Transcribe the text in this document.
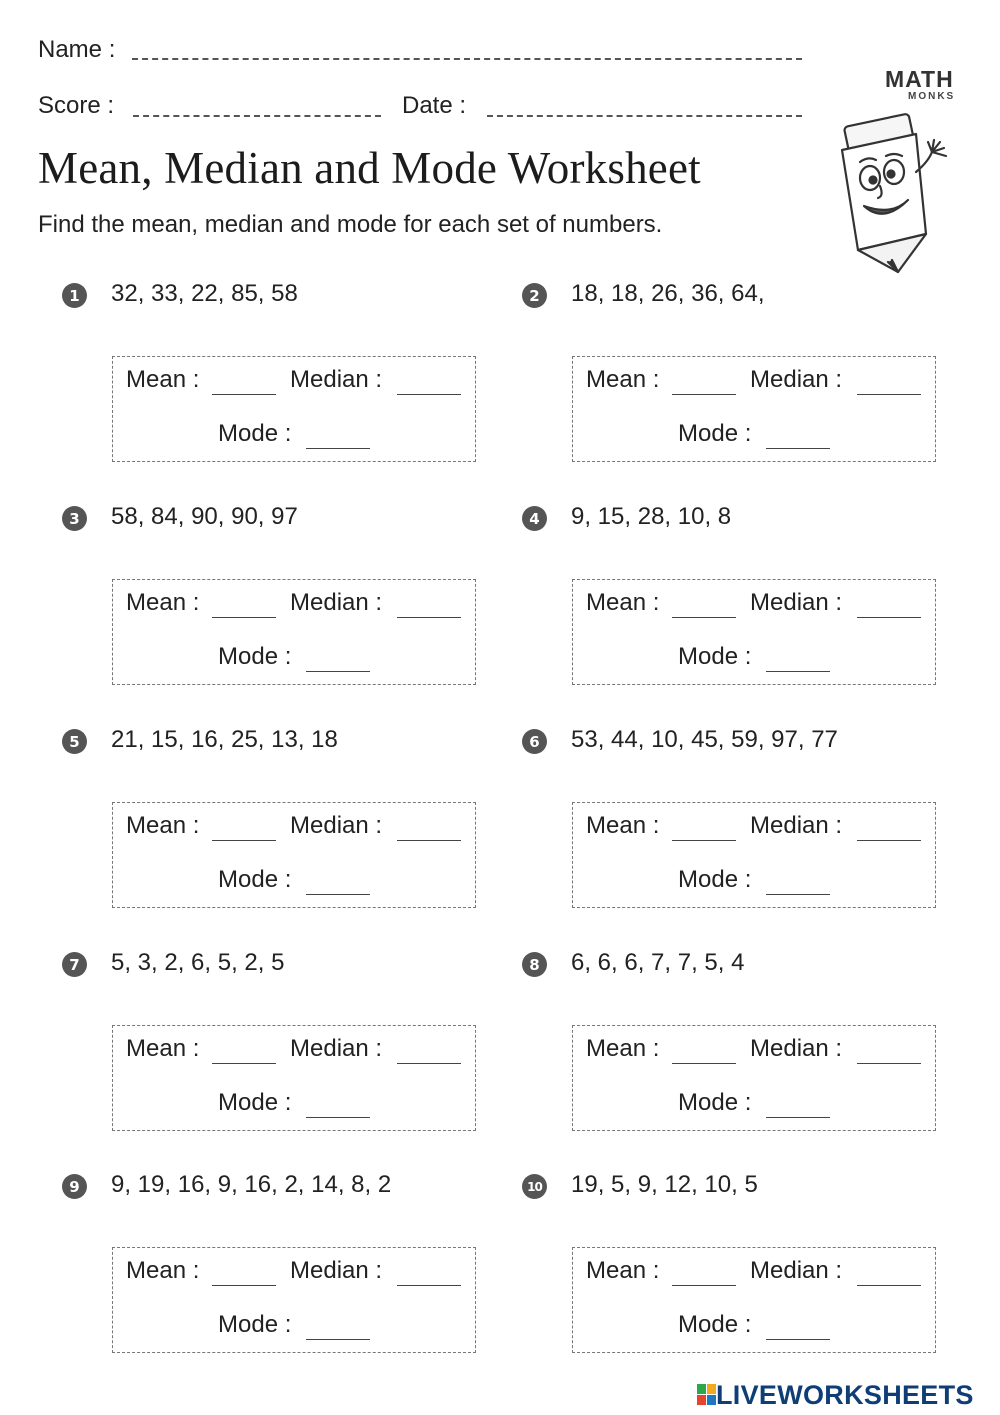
Name :
Score :	Date :
MATH
MONKS
Mean, Median and Mode Worksheet
Find the mean, median and mode for each set of numbers.
1	32, 33, 22, 85, 58
Mean :	Median :
Mode :
2	18, 18, 26, 36, 64,
Mean :	Median :
Mode :
3	58, 84, 90, 90, 97
Mean :	Median :
Mode :
4	9, 15, 28, 10, 8
Mean :	Median :
Mode :
5	21, 15, 16, 25, 13, 18
Mean :	Median :
Mode :
6	53, 44, 10, 45, 59, 97, 77
Mean :	Median :
Mode :
7	5, 3, 2, 6, 5, 2, 5
Mean :	Median :
Mode :
8	6, 6, 6, 7, 7, 5, 4
Mean :	Median :
Mode :
9	9, 19, 16, 9, 16, 2, 14, 8, 2
Mean :	Median :
Mode :
10 19, 5, 9, 12, 10, 5
Mean :	Median :
Mode :
LIVEWORKSHEETS
